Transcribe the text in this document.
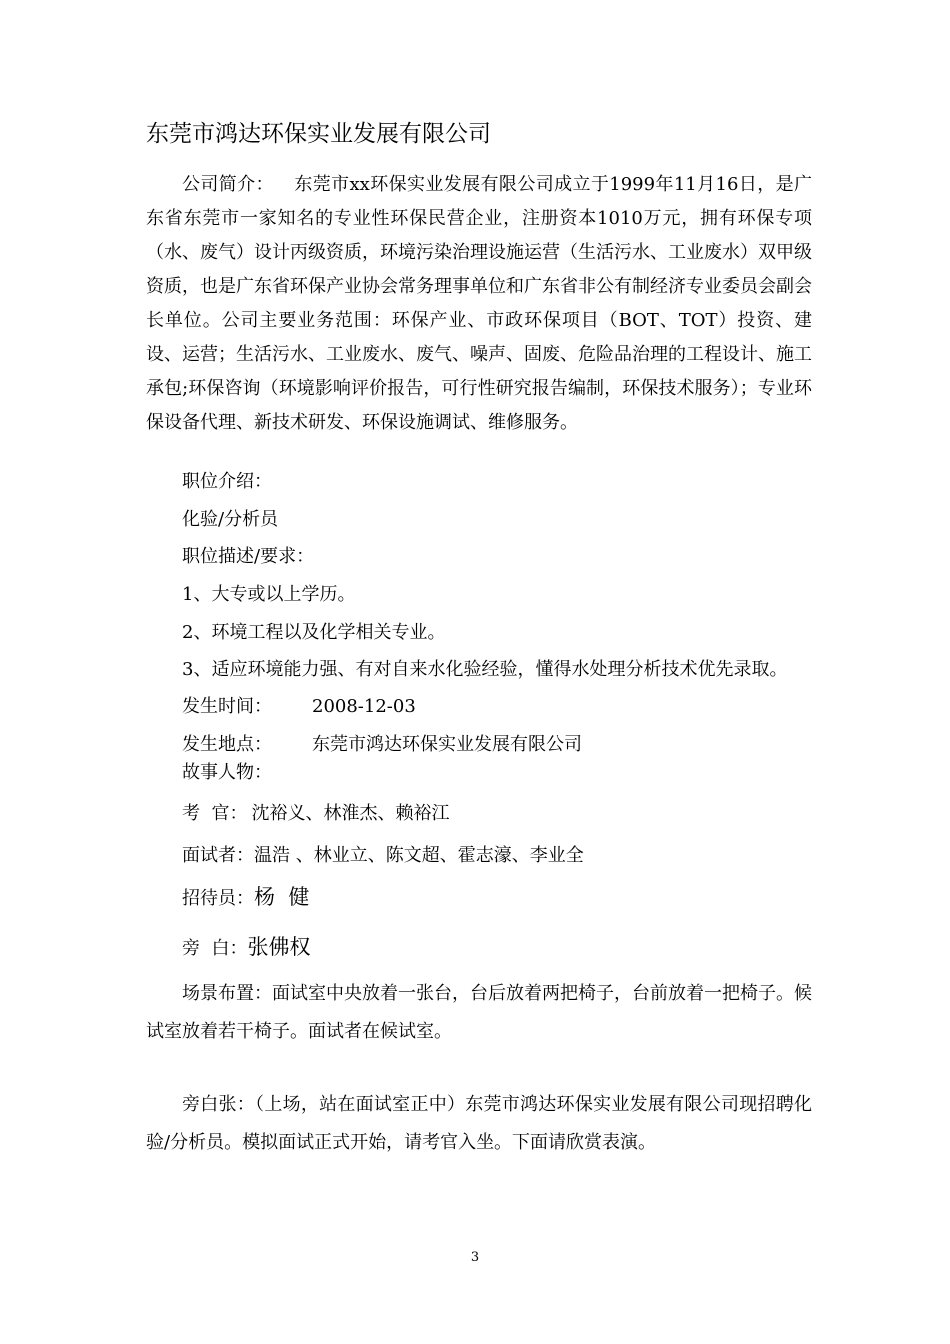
东莞市鸿达环保实业发展有限公司

公司简介： 东莞市xx环保实业发展有限公司成立于1999年11月16日，是广东省东莞市一家知名的专业性环保民营企业，注册资本1010万元，拥有环保专项（水、废气）设计丙级资质，环境污染治理设施运营（生活污水、工业废水）双甲级资质，也是广东省环保产业协会常务理事单位和广东省非公有制经济专业委员会副会长单位。公司主要业务范围：环保产业、市政环保项目（BOT、TOT）投资、建设、运营；生活污水、工业废水、废气、噪声、固废、危险品治理的工程设计、施工承包;环保咨询（环境影响评价报告，可行性研究报告编制，环保技术服务）；专业环保设备代理、新技术研发、环保设施调试、维修服务。

职位介绍：
化验/分析员
职位描述/要求：
1、大专或以上学历。
2、环境工程以及化学相关专业。
3、适应环境能力强、有对自来水化验经验，懂得水处理分析技术优先录取。
发生时间： 2008-12-03
发生地点： 东莞市鸿达环保实业发展有限公司
故事人物：
考  官： 沈裕义、林淮杰、赖裕江
面试者：温浩 、林业立、陈文超、霍志濠、李业全
招待员：杨  健
旁  白：张佛权

场景布置：面试室中央放着一张台，台后放着两把椅子，台前放着一把椅子。候试室放着若干椅子。面试者在候试室。

旁白张：（上场，站在面试室正中）东莞市鸿达环保实业发展有限公司现招聘化验/分析员。模拟面试正式开始，请考官入坐。下面请欣赏表演。

3
